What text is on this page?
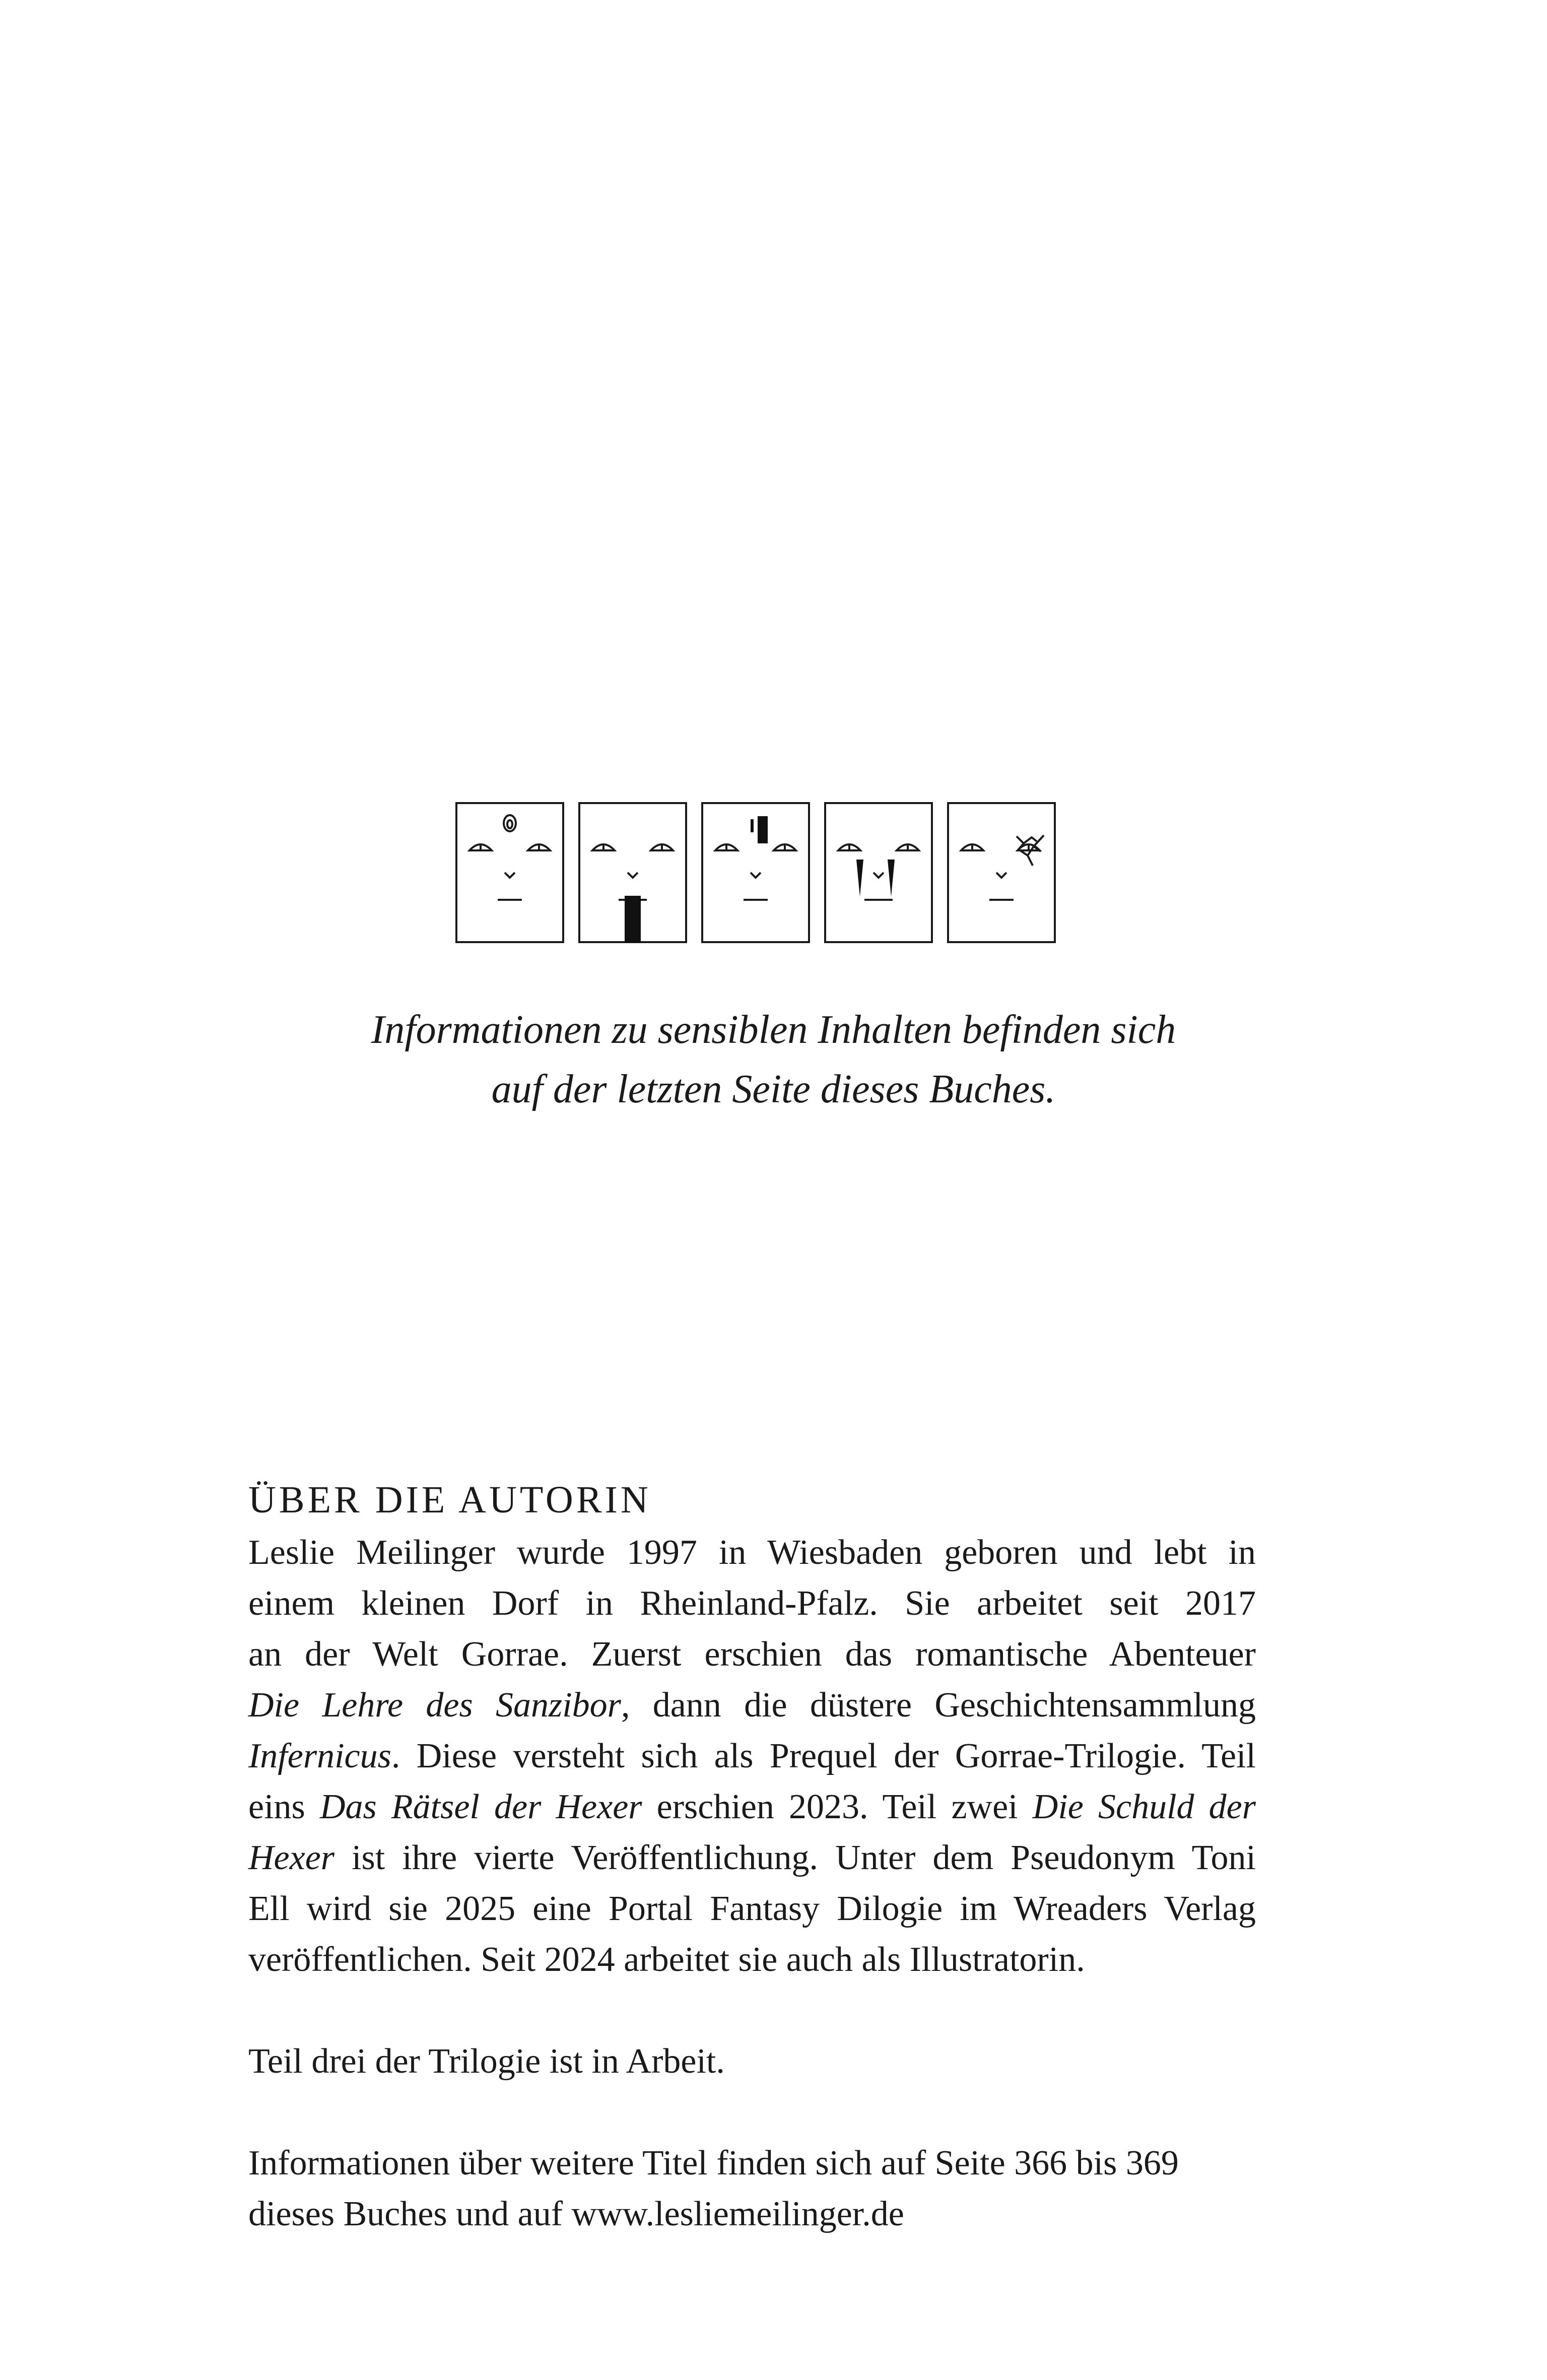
Informationen zu sensiblen Inhalten befinden sich
auf der letzten Seite dieses Buches.
ÜBER DIE AUTORIN
Leslie Meilinger wurde 1997 in Wiesbaden geboren und lebt in
einem kleinen Dorf in Rheinland-Pfalz. Sie arbeitet seit 2017
an der Welt Gorrae. Zuerst erschien das romantische Abenteuer
Die Lehre des Sanzibor, dann die düstere Geschichtensammlung
Infernicus. Diese versteht sich als Prequel der Gorrae-Trilogie. Teil
eins Das Rätsel der Hexer erschien 2023. Teil zwei Die Schuld der
Hexer ist ihre vierte Veröffentlichung. Unter dem Pseudonym Toni
Ell wird sie 2025 eine Portal Fantasy Dilogie im Wreaders Verlag
veröffentlichen. Seit 2024 arbeitet sie auch als Illustratorin.

Teil drei der Trilogie ist in Arbeit.

Informationen über weitere Titel finden sich auf Seite 366 bis 369
dieses Buches und auf www.lesliemeilinger.de
